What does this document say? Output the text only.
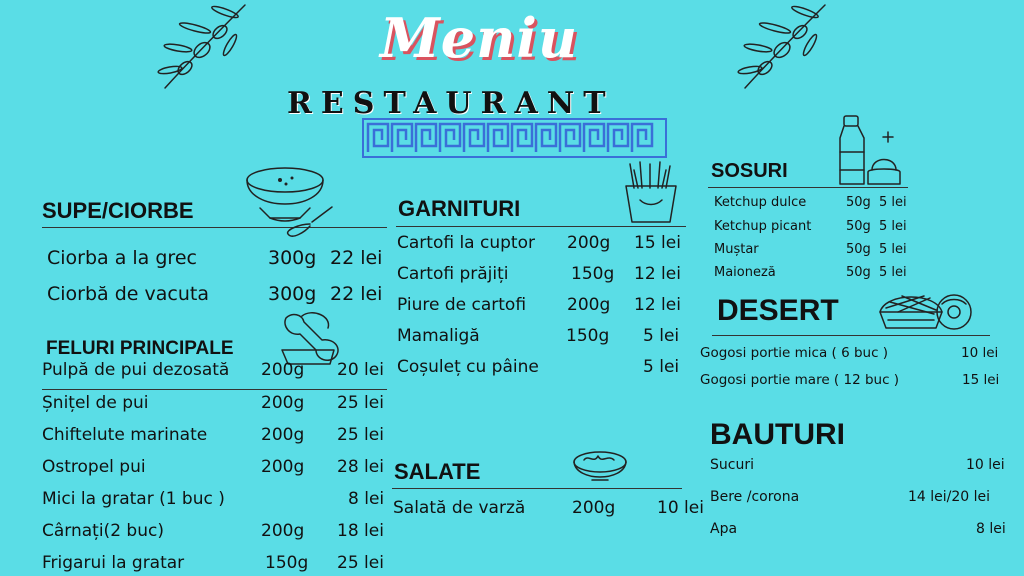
Meniu
RESTAURANT
SUPE/CIORBE
Ciorba a la grec	300g 22 lei
Ciorbă de vacuta	300g 22 lei
FELURI PRINCIPALE
Pulpă de pui dezosată 200g 20 lei
Șnițel de pui	200g 25 lei
Chiftelute marinate	200g 25 lei
Ostropel pui	200g 28 lei
Mici la gratar (1 buc )	8 lei
Cârnați(2 buc)	200g 18 lei
Frigarui la gratar	150g 25 lei
GARNITURI
Cartofi la cuptor 200g 15 lei
Cartofi prăjiți	150g 12 lei
Piure de cartofi 200g 12 lei
Mamaligă	150g 5 lei
Coșuleț cu pâine	5 lei
SALATE
Salată de varză	200g 10 lei
SOSURI
Ketchup dulce	50g 5 lei
Ketchup picant	50g 5 lei
Muștar	50g 5 lei
Maioneză	50g 5 lei
DESERT
Gogosi portie mica ( 6 buc )	10 lei
Gogosi portie mare ( 12 buc )	15 lei
BAUTURI
Sucuri	10 lei
Bere /corona	14 lei/20 lei
Apa	8 lei
